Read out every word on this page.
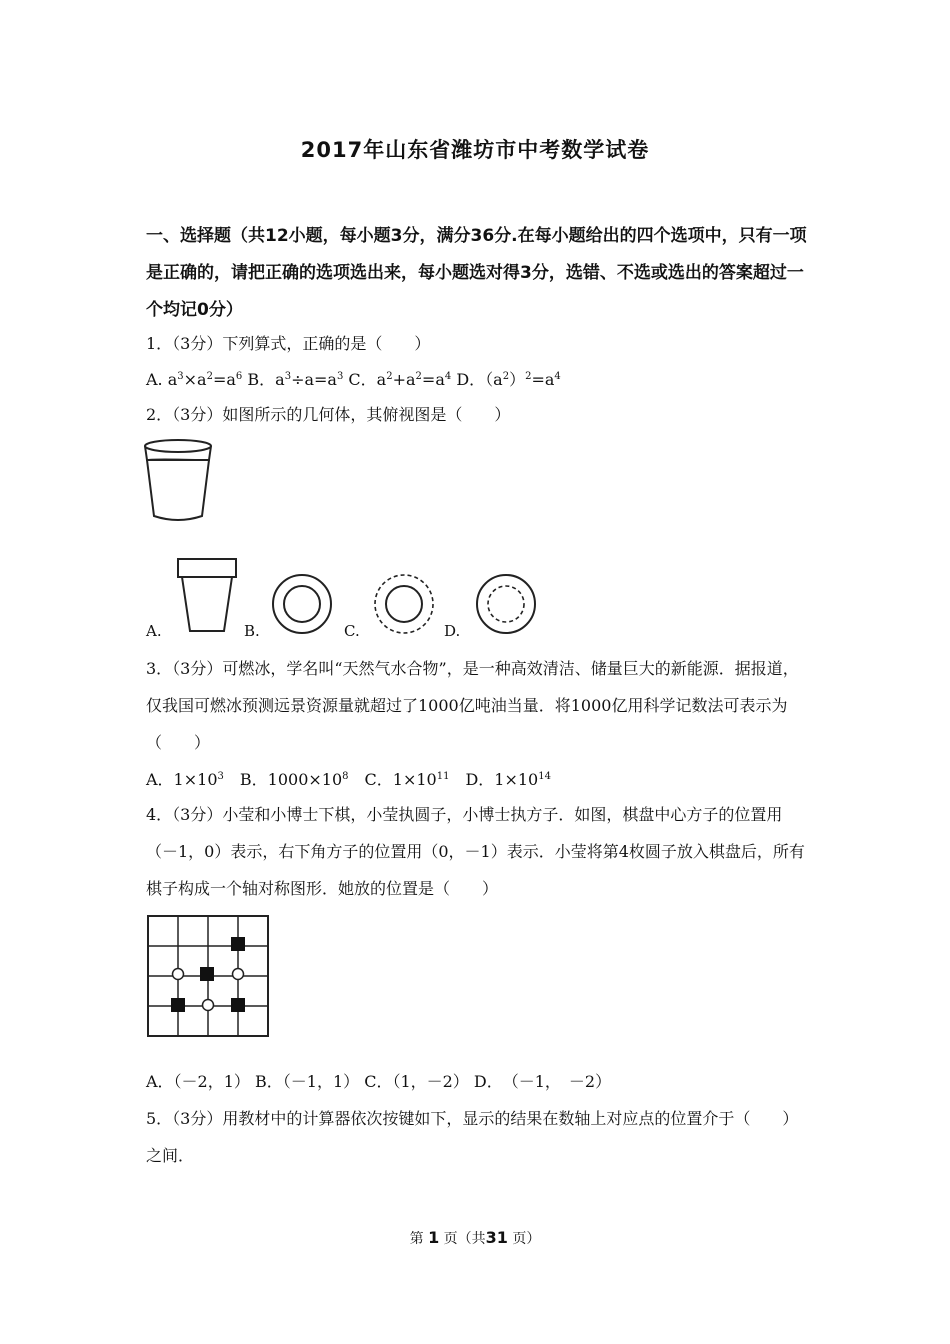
2017年山东省潍坊市中考数学试卷
一、选择题（共12小题，每小题3分，满分36分.在每小题给出的四个选项中，只有一项是正确的，请把正确的选项选出来，每小题选对得3分，选错、不选或选出的答案超过一个均记0分）
1．（3分）下列算式，正确的是（　　）
A. $a^3\times a^2=a^6$ B．$a^3\div a=a^3$ C．$a^2+a^2=a^4$ D．$(a^2)^2=a^4$
2．（3分）如图所示的几何体，其俯视图是（　　）
A.	B.	C.	D.
3．（3分）可燃冰，学名叫“天然气水合物”，是一种高效清洁、储量巨大的新能源．据报道，仅我国可燃冰预测远景资源量就超过了1000亿吨油当量．将1000亿用科学记数法可表示为（　　）
A．$1\times 10^3$　B．$1000\times 10^8$　C．$1\times 10^{11}$　D．$1\times 10^{14}$
4．（3分）小莹和小博士下棋，小莹执圆子，小博士执方子．如图，棋盘中心方子的位置用（－1，0）表示，右下角方子的位置用（0，－1）表示．小莹将第4枚圆子放入棋盘后，所有棋子构成一个轴对称图形．她放的位置是（　　）
A．（－2，1） B．（－1，1） C．（1，－2） D．　（－1，　－2）
5．（3分）用教材中的计算器依次按键如下，显示的结果在数轴上对应点的位置介于（　　）之间．
第 1 页（共31 页）
